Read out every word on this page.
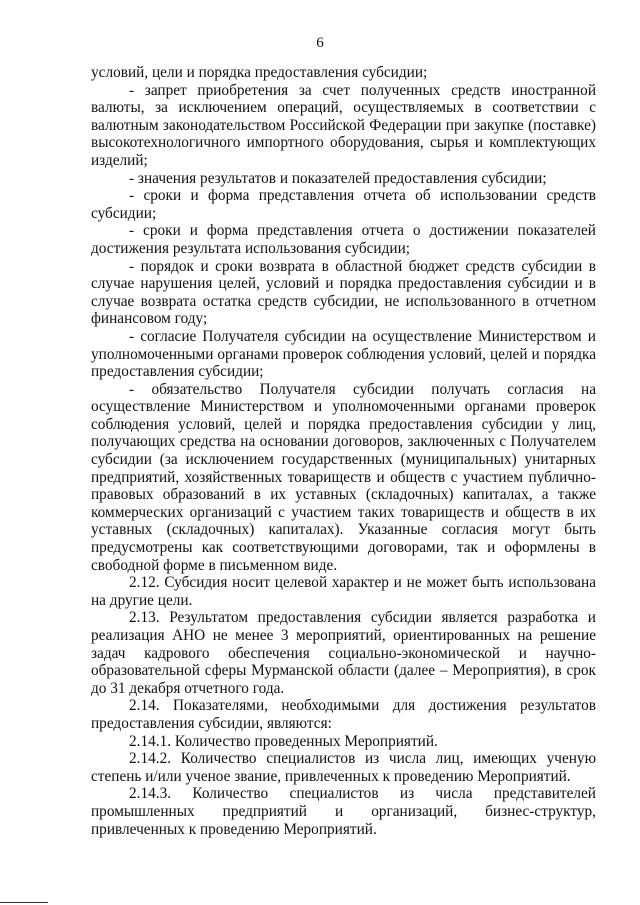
6

условий, цели и порядка предоставления субсидии;

- запрет приобретения за счет полученных средств иностранной валюты, за исключением операций, осуществляемых в соответствии с валютным законодательством Российской Федерации при закупке (поставке) высокотехнологичного импортного оборудования, сырья и комплектующих изделий;

- значения результатов и показателей предоставления субсидии;

- сроки и форма представления отчета об использовании средств субсидии;

- сроки и форма представления отчета о достижении показателей достижения результата использования субсидии;

- порядок и сроки возврата в областной бюджет средств субсидии в случае нарушения целей, условий и порядка предоставления субсидии и в случае возврата остатка средств субсидии, не использованного в отчетном финансовом году;

- согласие Получателя субсидии на осуществление Министерством и уполномоченными органами проверок соблюдения условий, целей и порядка предоставления субсидии;

- обязательство Получателя субсидии получать согласия на осуществление Министерством и уполномоченными органами проверок соблюдения условий, целей и порядка предоставления субсидии у лиц, получающих средства на основании договоров, заключенных с Получателем субсидии (за исключением государственных (муниципальных) унитарных предприятий, хозяйственных товариществ и обществ с участием публично-правовых образований в их уставных (складочных) капиталах, а также коммерческих организаций с участием таких товариществ и обществ в их уставных (складочных) капиталах). Указанные согласия могут быть предусмотрены как соответствующими договорами, так и оформлены в свободной форме в письменном виде.

2.12. Субсидия носит целевой характер и не может быть использована на другие цели.

2.13. Результатом предоставления субсидии является разработка и реализация АНО не менее 3 мероприятий, ориентированных на решение задач кадрового обеспечения социально-экономической и научно-образовательной сферы Мурманской области (далее – Мероприятия), в срок до 31 декабря отчетного года.

2.14. Показателями, необходимыми для достижения результатов предоставления субсидии, являются:

2.14.1. Количество проведенных Мероприятий.

2.14.2. Количество специалистов из числа лиц, имеющих ученую степень и/или ученое звание, привлеченных к проведению Мероприятий.

2.14.3. Количество специалистов из числа представителей промышленных предприятий и организаций, бизнес-структур, привлеченных к проведению Мероприятий.
